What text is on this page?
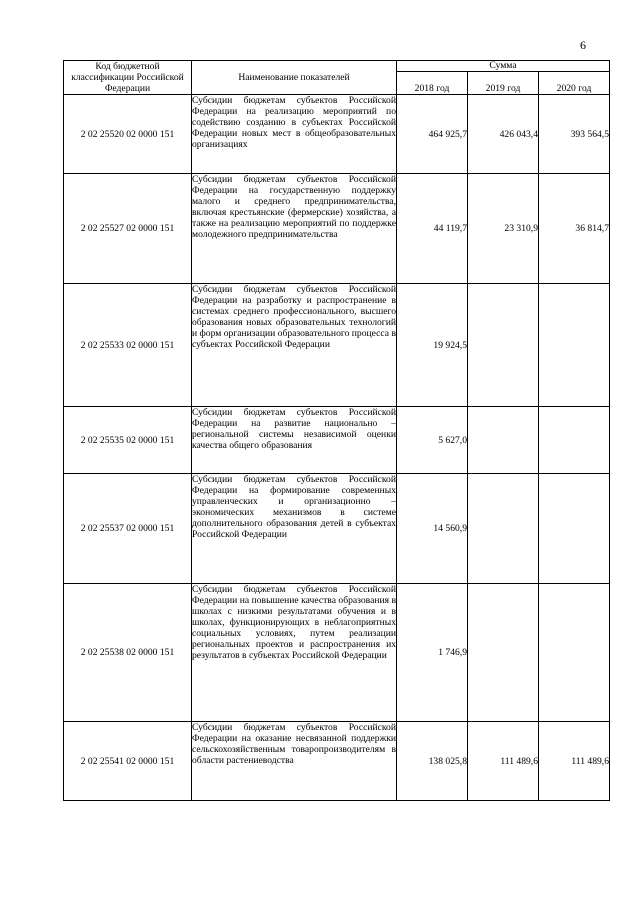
6
Код бюджетной классификации Российской Федерации	Наименование показателей	Сумма		
		2018 год	2019 год	2020 год
2 02 25520 02 0000 151	Субсидии бюджетам субъектов Российской Федерации на реализацию мероприятий по содействию созданию в субъектах Российской Федерации новых мест в общеобразовательных организациях	464 925,7	426 043,4	393 564,5
2 02 25527 02 0000 151	Субсидии бюджетам субъектов Российской Федерации на государственную поддержку малого и среднего предпринимательства, включая крестьянские (фермерские) хозяйства, а также на реализацию мероприятий по поддержке молодежного предпринимательства	44 119,7	23 310,9	36 814,7
2 02 25533 02 0000 151	Субсидии бюджетам субъектов Российской Федерации на разработку и распространение в системах среднего профессионального, высшего образования новых образовательных технологий и форм организации образовательного процесса в субъектах Российской Федерации	19 924,5		
2 02 25535 02 0000 151	Субсидии бюджетам субъектов Российской Федерации на развитие национально – региональной системы независимой оценки качества общего образования	5 627,0		
2 02 25537 02 0000 151	Субсидии бюджетам субъектов Российской Федерации на формирование современных управленческих и организационно – экономических механизмов в системе дополнительного образования детей в субъектах Российской Федерации	14 560,9		
2 02 25538 02 0000 151	Субсидии бюджетам субъектов Российской Федерации на повышение качества образования в школах с низкими результатами обучения и в школах, функционирующих в неблагоприятных социальных условиях, путем реализации региональных проектов и распространения их результатов в субъектах Российской Федерации	1 746,9		
2 02 25541 02 0000 151	Субсидии бюджетам субъектов Российской Федерации на оказание несвязанной поддержки сельскохозяйственным товаропроизводителям в области растениеводства	138 025,8	111 489,6	111 489,6
